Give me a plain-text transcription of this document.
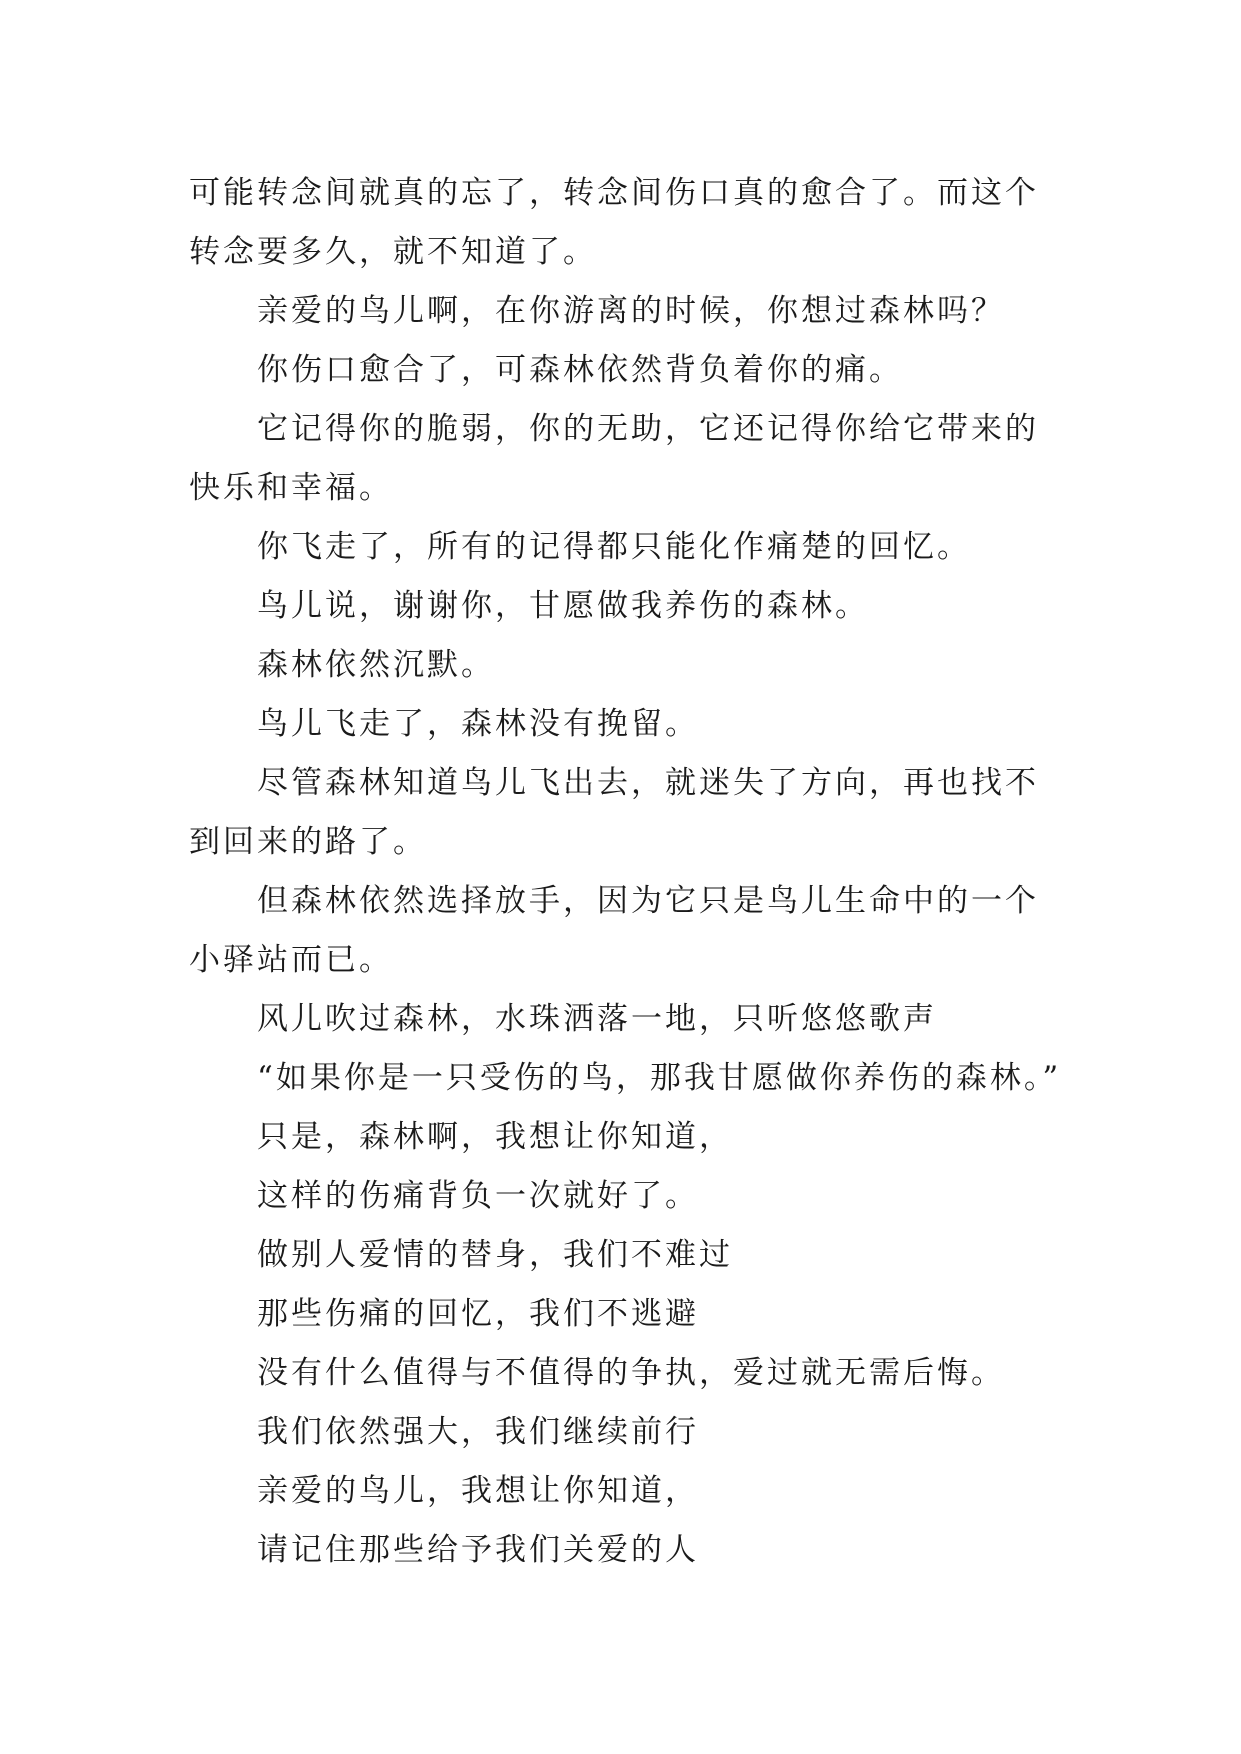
可能转念间就真的忘了，转念间伤口真的愈合了。而这个转念要多久，就不知道了。

亲爱的鸟儿啊，在你游离的时候，你想过森林吗？

你伤口愈合了，可森林依然背负着你的痛。

它记得你的脆弱，你的无助，它还记得你给它带来的快乐和幸福。

你飞走了，所有的记得都只能化作痛楚的回忆。

鸟儿说，谢谢你，甘愿做我养伤的森林。

森林依然沉默。

鸟儿飞走了，森林没有挽留。

尽管森林知道鸟儿飞出去，就迷失了方向，再也找不到回来的路了。

但森林依然选择放手，因为它只是鸟儿生命中的一个小驿站而已。

风儿吹过森林，水珠洒落一地，只听悠悠歌声

“如果你是一只受伤的鸟，那我甘愿做你养伤的森林。”

只是，森林啊，我想让你知道，

这样的伤痛背负一次就好了。

做别人爱情的替身，我们不难过

那些伤痛的回忆，我们不逃避

没有什么值得与不值得的争执，爱过就无需后悔。

我们依然强大，我们继续前行

亲爱的鸟儿，我想让你知道，

请记住那些给予我们关爱的人
